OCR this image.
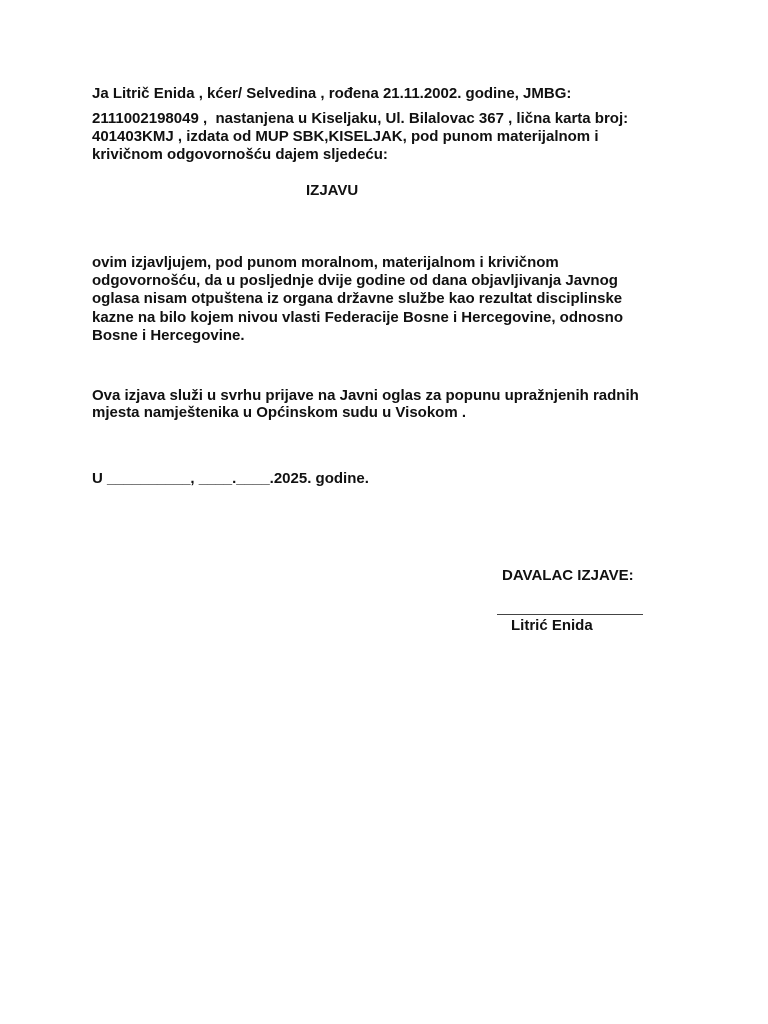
Ja Litrič Enida , kćer/ Selvedina , rođena 21.11.2002. godine, JMBG:
2111002198049 ,  nastanjena u Kiseljaku, Ul. Bilalovac 367 , lična karta broj:
401403KMJ , izdata od MUP SBK,KISELJAK, pod punom materijalnom i
krivičnom odgovornošću dajem sljedeću:
IZJAVU
ovim izjavljujem, pod punom moralnom, materijalnom i krivičnom
odgovornošću, da u posljednje dvije godine od dana objavljivanja Javnog
oglasa nisam otpuštena iz organa državne službe kao rezultat disciplinske
kazne na bilo kojem nivou vlasti Federacije Bosne i Hercegovine, odnosno
Bosne i Hercegovine.
Ova izjava služi u svrhu prijave na Javni oglas za popunu upražnjenih radnih
mjesta namještenika u Općinskom sudu u Visokom .
U __________, ____.____.2025. godine.
DAVALAC IZJAVE:
Litrić Enida
